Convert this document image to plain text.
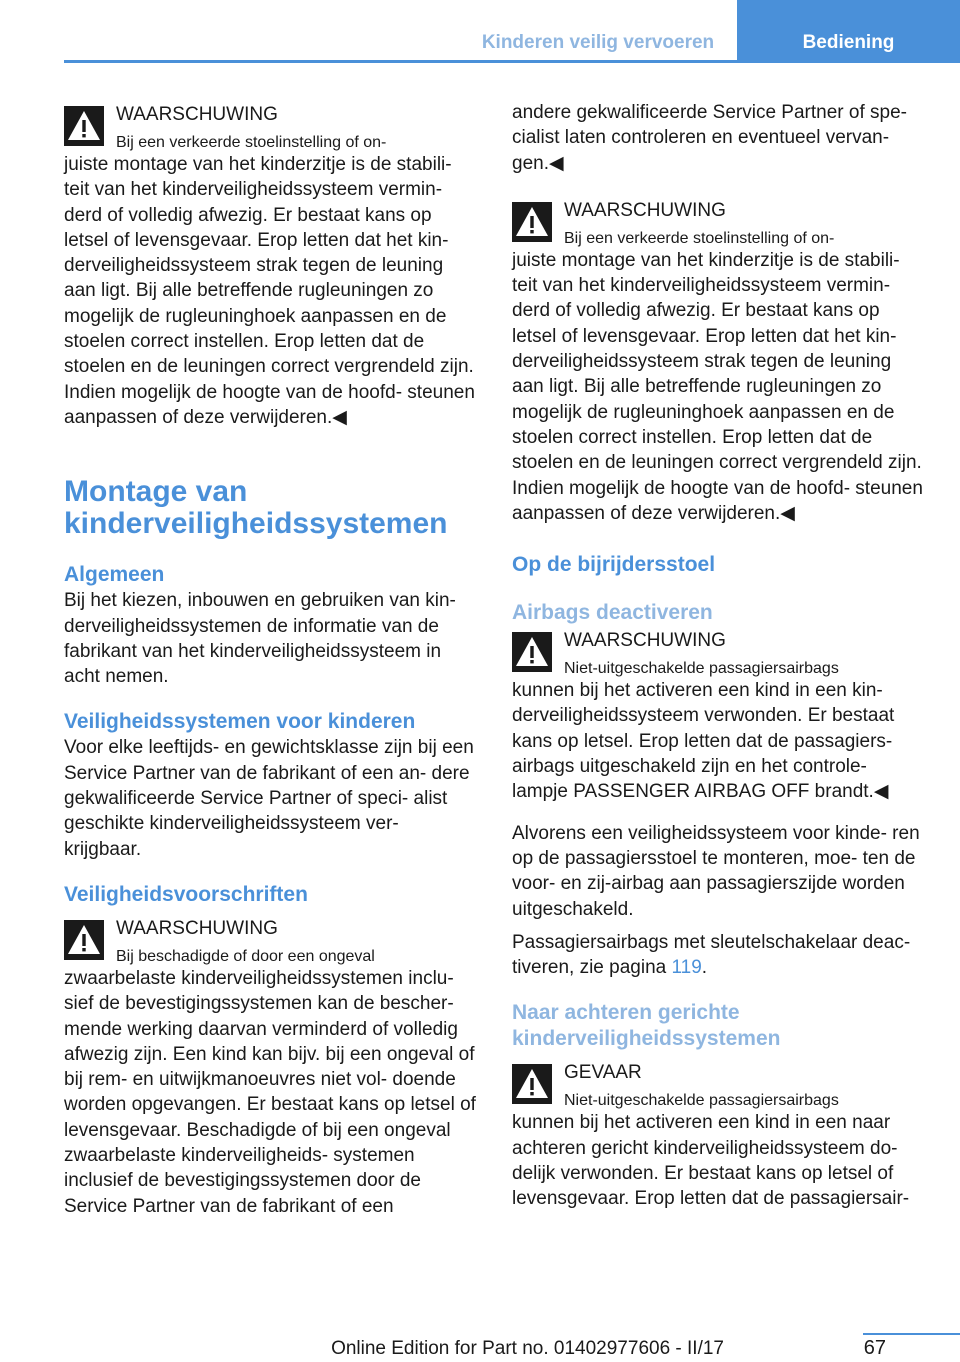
Kinderen veilig vervoeren	Bediening
WAARSCHUWING
Bij een verkeerde stoelinstelling of on‐

juiste montage van het kinderzitje is de stabili‐ teit van het kinderveiligheidssysteem vermin‐ derd of volledig afwezig. Er bestaat kans op letsel of levensgevaar. Erop letten dat het kin‐ derveiligheidssysteem strak tegen de leuning aan ligt. Bij alle betreffende rugleuningen zo mogelijk de rugleuninghoek aanpassen en de stoelen correct instellen. Erop letten dat de stoelen en de leuningen correct vergrendeld zijn. Indien mogelijk de hoogte van de hoofd‐ steunen aanpassen of deze verwijderen.◀

Montage van
kinderveiligheidssystemen
Algemeen

Bij het kiezen, inbouwen en gebruiken van kin‐ derveiligheidssystemen de informatie van de fabrikant van het kinderveiligheidssysteem in acht nemen.

Veiligheidssystemen voor kinderen

Voor elke leeftijds- en gewichtsklasse zijn bij een Service Partner van de fabrikant of een an‐ dere gekwalificeerde Service Partner of speci‐ alist geschikte kinderveiligheidssysteem ver‐ krijgbaar.

Veiligheidsvoorschriften
WAARSCHUWING
Bij beschadigde of door een ongeval

zwaarbelaste kinderveiligheidssystemen inclu‐ sief de bevestigingssystemen kan de bescher‐ mende werking daarvan verminderd of volledig afwezig zijn. Een kind kan bijv. bij een ongeval of bij rem- en uitwijkmanoeuvres niet vol‐ doende worden opgevangen. Er bestaat kans op letsel of levensgevaar. Beschadigde of bij een ongeval zwaarbelaste kinderveiligheids‐ systemen inclusief de bevestigingssystemen door de Service Partner van de fabrikant of een

andere gekwalificeerde Service Partner of spe‐ cialist laten controleren en eventueel vervan‐ gen.◀

WAARSCHUWING
Bij een verkeerde stoelinstelling of on‐

juiste montage van het kinderzitje is de stabili‐ teit van het kinderveiligheidssysteem vermin‐ derd of volledig afwezig. Er bestaat kans op letsel of levensgevaar. Erop letten dat het kin‐ derveiligheidssysteem strak tegen de leuning aan ligt. Bij alle betreffende rugleuningen zo mogelijk de rugleuninghoek aanpassen en de stoelen correct instellen. Erop letten dat de stoelen en de leuningen correct vergrendeld zijn. Indien mogelijk de hoogte van de hoofd‐ steunen aanpassen of deze verwijderen.◀

Op de bijrijdersstoel
Airbags deactiveren
WAARSCHUWING
Niet-uitgeschakelde passagiersairbags

kunnen bij het activeren een kind in een kin‐ derveiligheidssysteem verwonden. Er bestaat kans op letsel. Erop letten dat de passagiers‐ airbags uitgeschakeld zijn en het controle‐ lampje PASSENGER AIRBAG OFF brandt.◀

Alvorens een veiligheidssysteem voor kinde‐ ren op de passagiersstoel te monteren, moe‐ ten de voor- en zij-airbag aan passagierszijde worden uitgeschakeld.

Passagiersairbags met sleutelschakelaar deac‐ tiveren, zie pagina 119.

Naar achteren gerichte
kinderveiligheidssystemen
GEVAAR
Niet-uitgeschakelde passagiersairbags

kunnen bij het activeren een kind in een naar achteren gericht kinderveiligheidssysteem do‐ delijk verwonden. Er bestaat kans op letsel of levensgevaar. Erop letten dat de passagiersair‐

67
Online Edition for Part no. 01402977606 - II/17
